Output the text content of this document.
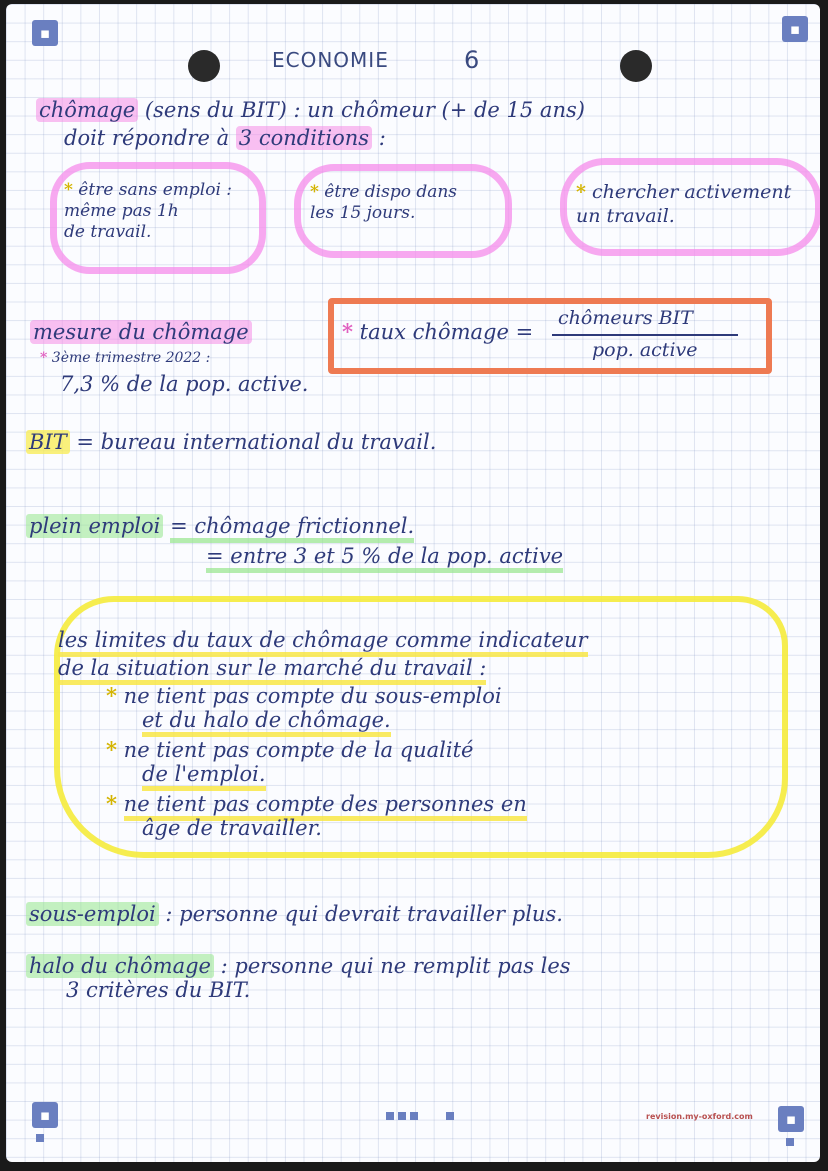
▪	▪
ECONOMIE	6

chômage (sens du BIT) : un chômeur (+ de 15 ans)

doit répondre à 3 conditions :

* être sans emploi :
même pas 1h
de travail.

* être dispo dans
les 15 jours.

* chercher activement
un travail.

mesure du chômage

* 3ème trimestre 2022 :

7,3 % de la pop. active.

* taux chômage =

chômeurs BIT

pop. active

BIT = bureau international du travail.

plein emploi = chômage frictionnel.

= entre 3 et 5 % de la pop. active

les limites du taux de chômage comme indicateur

de la situation sur le marché du travail :

* ne tient pas compte du sous-emploi
et du halo de chômage.

* ne tient pas compte de la qualité
de l'emploi.

* ne tient pas compte des personnes en
âge de travailler.

sous-emploi : personne qui devrait travailler plus.

halo du chômage : personne qui ne remplit pas les
3 critères du BIT.

▪	revision.my-oxford.com	▪
